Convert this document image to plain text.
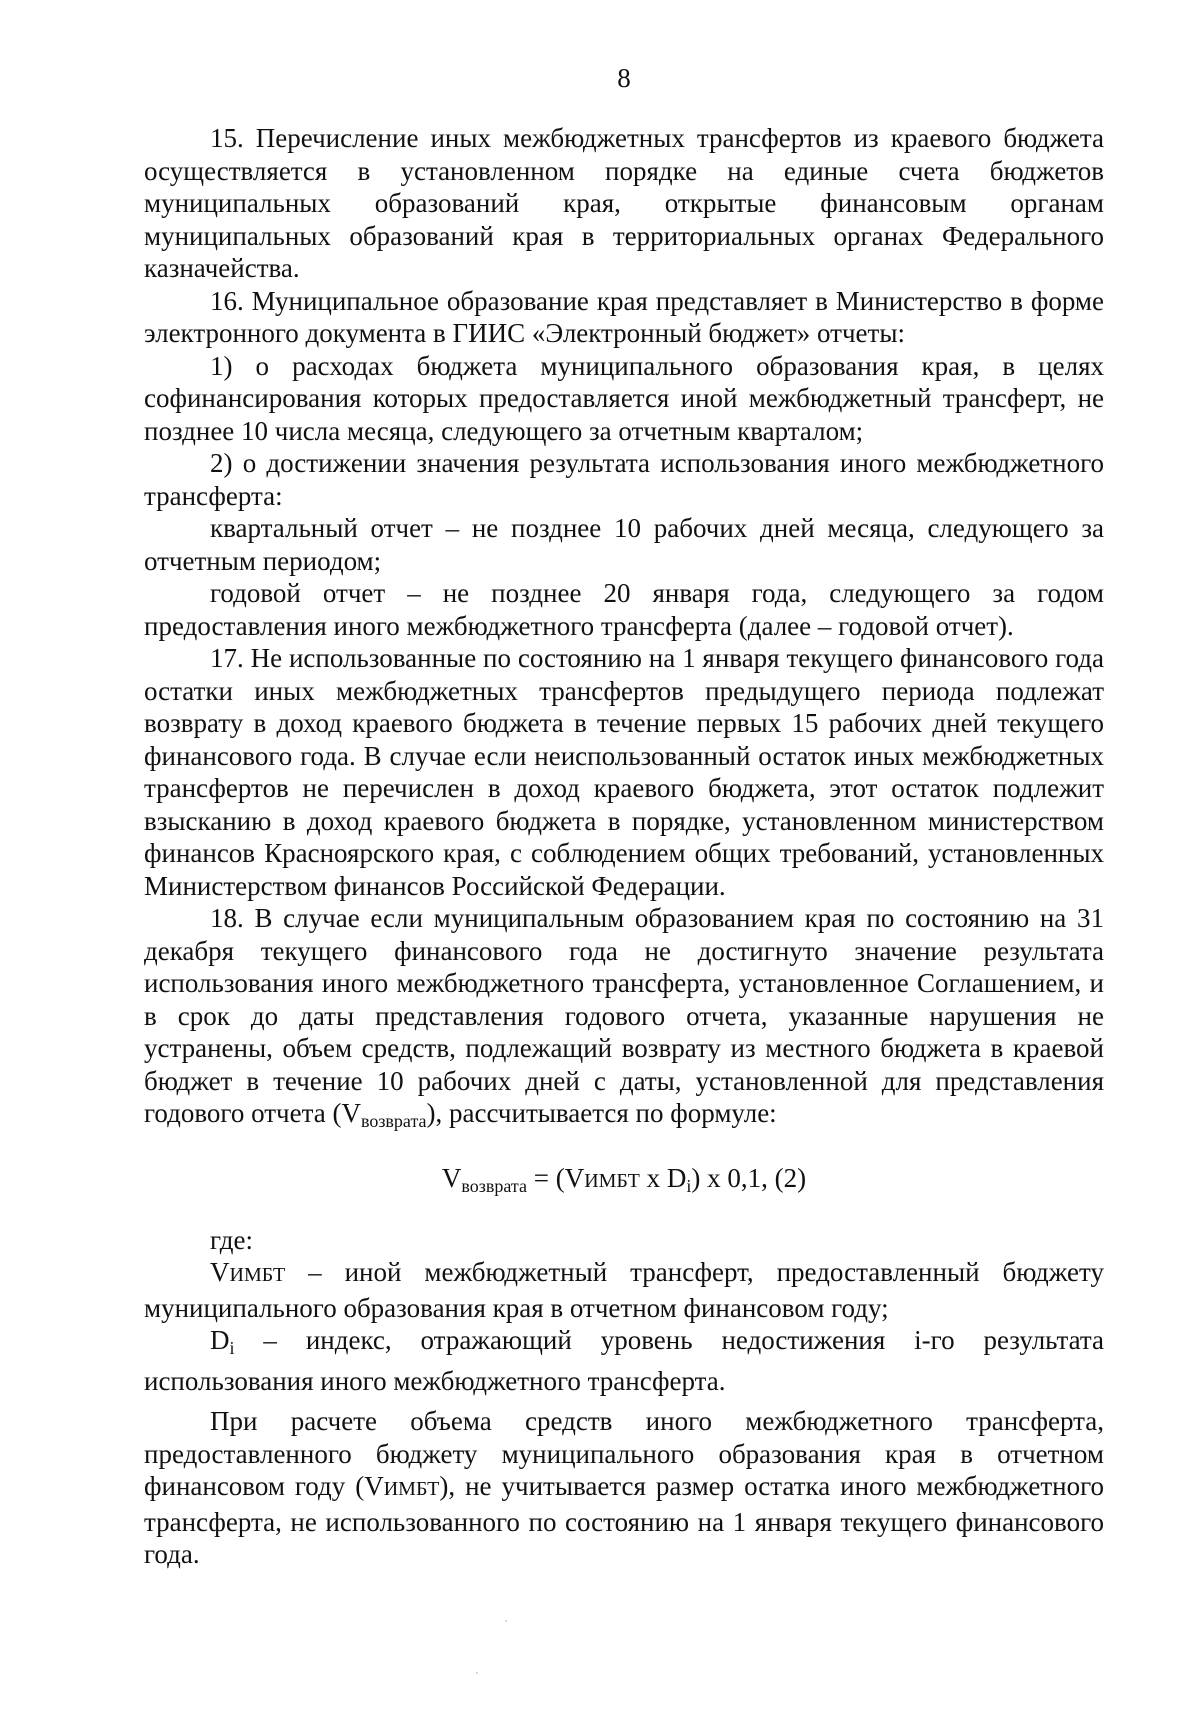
8

15. Перечисление иных межбюджетных трансфертов из краевого бюджета осуществляется в установленном порядке на единые счета бюджетов муниципальных образований края, открытые финансовым органам муниципальных образований края в территориальных органах Федерального казначейства.

16. Муниципальное образование края представляет в Министерство в форме электронного документа в ГИИС «Электронный бюджет» отчеты:

1) о расходах бюджета муниципального образования края, в целях софинансирования которых предоставляется иной межбюджетный трансферт, не позднее 10 числа месяца, следующего за отчетным кварталом;

2) о достижении значения результата использования иного межбюджетного трансферта:

квартальный отчет – не позднее 10 рабочих дней месяца, следующего за отчетным периодом;

годовой отчет – не позднее 20 января года, следующего за годом предоставления иного межбюджетного трансферта (далее – годовой отчет).

17. Не использованные по состоянию на 1 января текущего финансового года остатки иных межбюджетных трансфертов предыдущего периода подлежат возврату в доход краевого бюджета в течение первых 15 рабочих дней текущего финансового года. В случае если неиспользованный остаток иных межбюджетных трансфертов не перечислен в доход краевого бюджета, этот остаток подлежит взысканию в доход краевого бюджета в порядке, установленном министерством финансов Красноярского края, с соблюдением общих требований, установленных Министерством финансов Российской Федерации.

18. В случае если муниципальным образованием края по состоянию на 31 декабря текущего финансового года не достигнуто значение результата использования иного межбюджетного трансферта, установленное Соглашением, и в срок до даты представления годового отчета, указанные нарушения не устранены, объем средств, подлежащий возврату из местного бюджета в краевой бюджет в течение 10 рабочих дней с даты, установленной для представления годового отчета $(V_{возврата})$, рассчитывается по формуле:

$V_{возврата}$ = (VИМБТ x $D_i$) x 0,1, (2)

где:

VИМБТ – иной межбюджетный трансферт, предоставленный бюджету муниципального образования края в отчетном финансовом году;

$D_i$ – индекс, отражающий уровень недостижения i-го результата использования иного межбюджетного трансферта.

При расчете объема средств иного межбюджетного трансферта, предоставленного бюджету муниципального образования края в отчетном финансовом году (VИМБТ), не учитывается размер остатка иного межбюджетного трансферта, не использованного по состоянию на 1 января текущего финансового года.
